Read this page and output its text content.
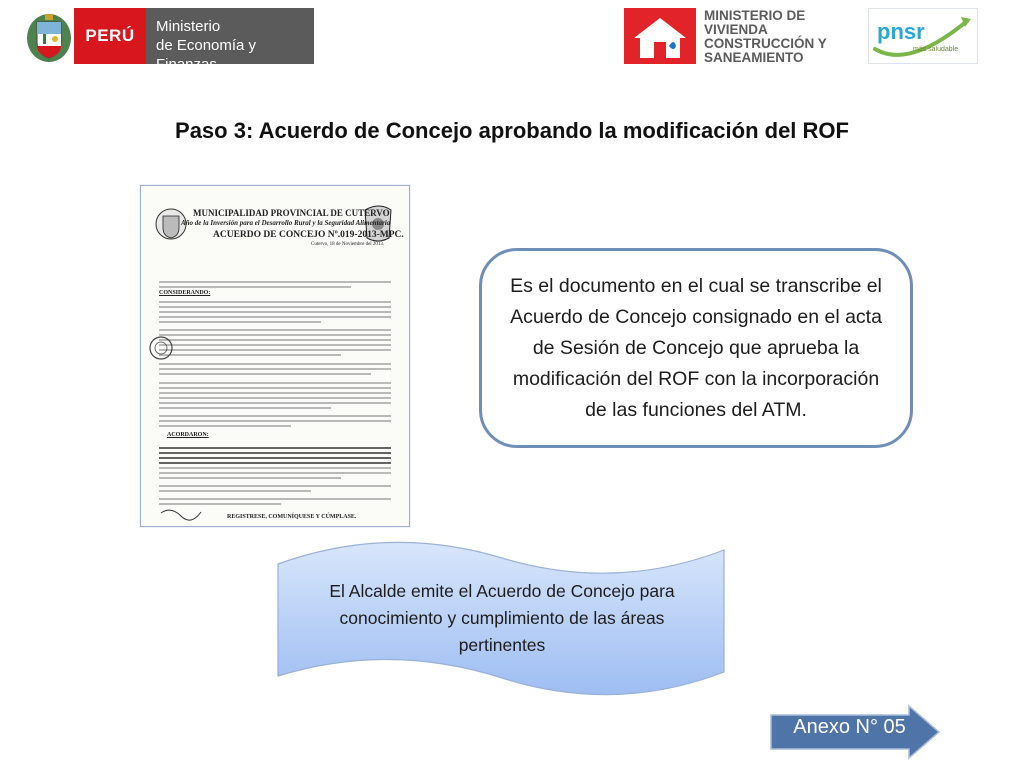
PERÚ	Ministerio
de Economía y Finanzas
MINISTERIO DE
VIVIENDA
CONSTRUCCIÓN Y
SANEAMIENTO
pnsr
más saludable
Paso 3: Acuerdo de Concejo aprobando la modificación del ROF
MUNICIPALIDAD PROVINCIAL DE CUTERVO
Año de la Inversión para el Desarrollo Rural y la Seguridad Alimentaria
ACUERDO DE CONCEJO Nº.019-2013-MPC.
Cutervo, 18 de Noviembre del 2013.
CONSIDERANDO:
ACORDARON:
REGISTRESE, COMUNÍQUESE Y CÚMPLASE.
Es el documento en el cual se transcribe el Acuerdo de Concejo consignado en el acta de Sesión de Concejo que aprueba la modificación del ROF con la incorporación de las funciones del ATM.
El Alcalde emite el Acuerdo de Concejo para conocimiento y cumplimiento de las áreas pertinentes
Anexo N° 05
